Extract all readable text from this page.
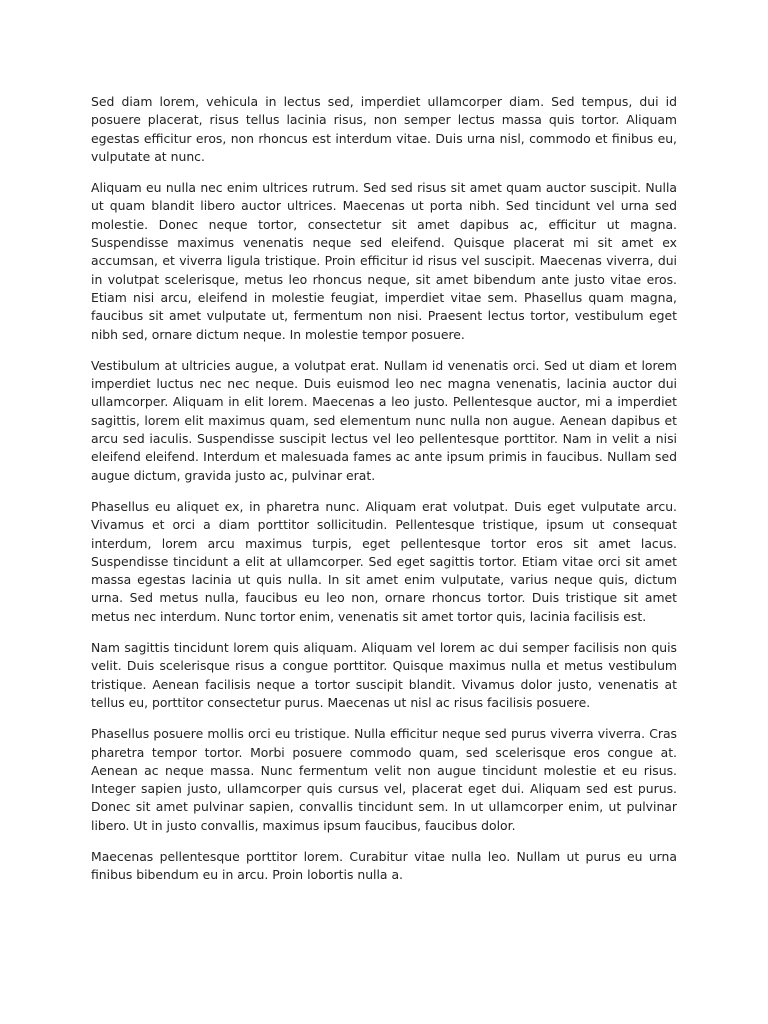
Sed diam lorem, vehicula in lectus sed, imperdiet ullamcorper diam. Sed tempus, dui id posuere placerat, risus tellus lacinia risus, non semper lectus massa quis tortor. Aliquam egestas efficitur eros, non rhoncus est interdum vitae. Duis urna nisl, commodo et finibus eu, vulputate at nunc.

Aliquam eu nulla nec enim ultrices rutrum. Sed sed risus sit amet quam auctor suscipit. Nulla ut quam blandit libero auctor ultrices. Maecenas ut porta nibh. Sed tincidunt vel urna sed molestie. Donec neque tortor, consectetur sit amet dapibus ac, efficitur ut magna. Suspendisse maximus venenatis neque sed eleifend. Quisque placerat mi sit amet ex accumsan, et viverra ligula tristique. Proin efficitur id risus vel suscipit. Maecenas viverra, dui in volutpat scelerisque, metus leo rhoncus neque, sit amet bibendum ante justo vitae eros. Etiam nisi arcu, eleifend in molestie feugiat, imperdiet vitae sem. Phasellus quam magna, faucibus sit amet vulputate ut, fermentum non nisi. Praesent lectus tortor, vestibulum eget nibh sed, ornare dictum neque. In molestie tempor posuere.

Vestibulum at ultricies augue, a volutpat erat. Nullam id venenatis orci. Sed ut diam et lorem imperdiet luctus nec nec neque. Duis euismod leo nec magna venenatis, lacinia auctor dui ullamcorper. Aliquam in elit lorem. Maecenas a leo justo. Pellentesque auctor, mi a imperdiet sagittis, lorem elit maximus quam, sed elementum nunc nulla non augue. Aenean dapibus et arcu sed iaculis. Suspendisse suscipit lectus vel leo pellentesque porttitor. Nam in velit a nisi eleifend eleifend. Interdum et malesuada fames ac ante ipsum primis in faucibus. Nullam sed augue dictum, gravida justo ac, pulvinar erat.

Phasellus eu aliquet ex, in pharetra nunc. Aliquam erat volutpat. Duis eget vulputate arcu. Vivamus et orci a diam porttitor sollicitudin. Pellentesque tristique, ipsum ut consequat interdum, lorem arcu maximus turpis, eget pellentesque tortor eros sit amet lacus. Suspendisse tincidunt a elit at ullamcorper. Sed eget sagittis tortor. Etiam vitae orci sit amet massa egestas lacinia ut quis nulla. In sit amet enim vulputate, varius neque quis, dictum urna. Sed metus nulla, faucibus eu leo non, ornare rhoncus tortor. Duis tristique sit amet metus nec interdum. Nunc tortor enim, venenatis sit amet tortor quis, lacinia facilisis est.

Nam sagittis tincidunt lorem quis aliquam. Aliquam vel lorem ac dui semper facilisis non quis velit. Duis scelerisque risus a congue porttitor. Quisque maximus nulla et metus vestibulum tristique. Aenean facilisis neque a tortor suscipit blandit. Vivamus dolor justo, venenatis at tellus eu, porttitor consectetur purus. Maecenas ut nisl ac risus facilisis posuere.

Phasellus posuere mollis orci eu tristique. Nulla efficitur neque sed purus viverra viverra. Cras pharetra tempor tortor. Morbi posuere commodo quam, sed scelerisque eros congue at. Aenean ac neque massa. Nunc fermentum velit non augue tincidunt molestie et eu risus. Integer sapien justo, ullamcorper quis cursus vel, placerat eget dui. Aliquam sed est purus. Donec sit amet pulvinar sapien, convallis tincidunt sem. In ut ullamcorper enim, ut pulvinar libero. Ut in justo convallis, maximus ipsum faucibus, faucibus dolor.

Maecenas pellentesque porttitor lorem. Curabitur vitae nulla leo. Nullam ut purus eu urna finibus bibendum eu in arcu. Proin lobortis nulla a.
